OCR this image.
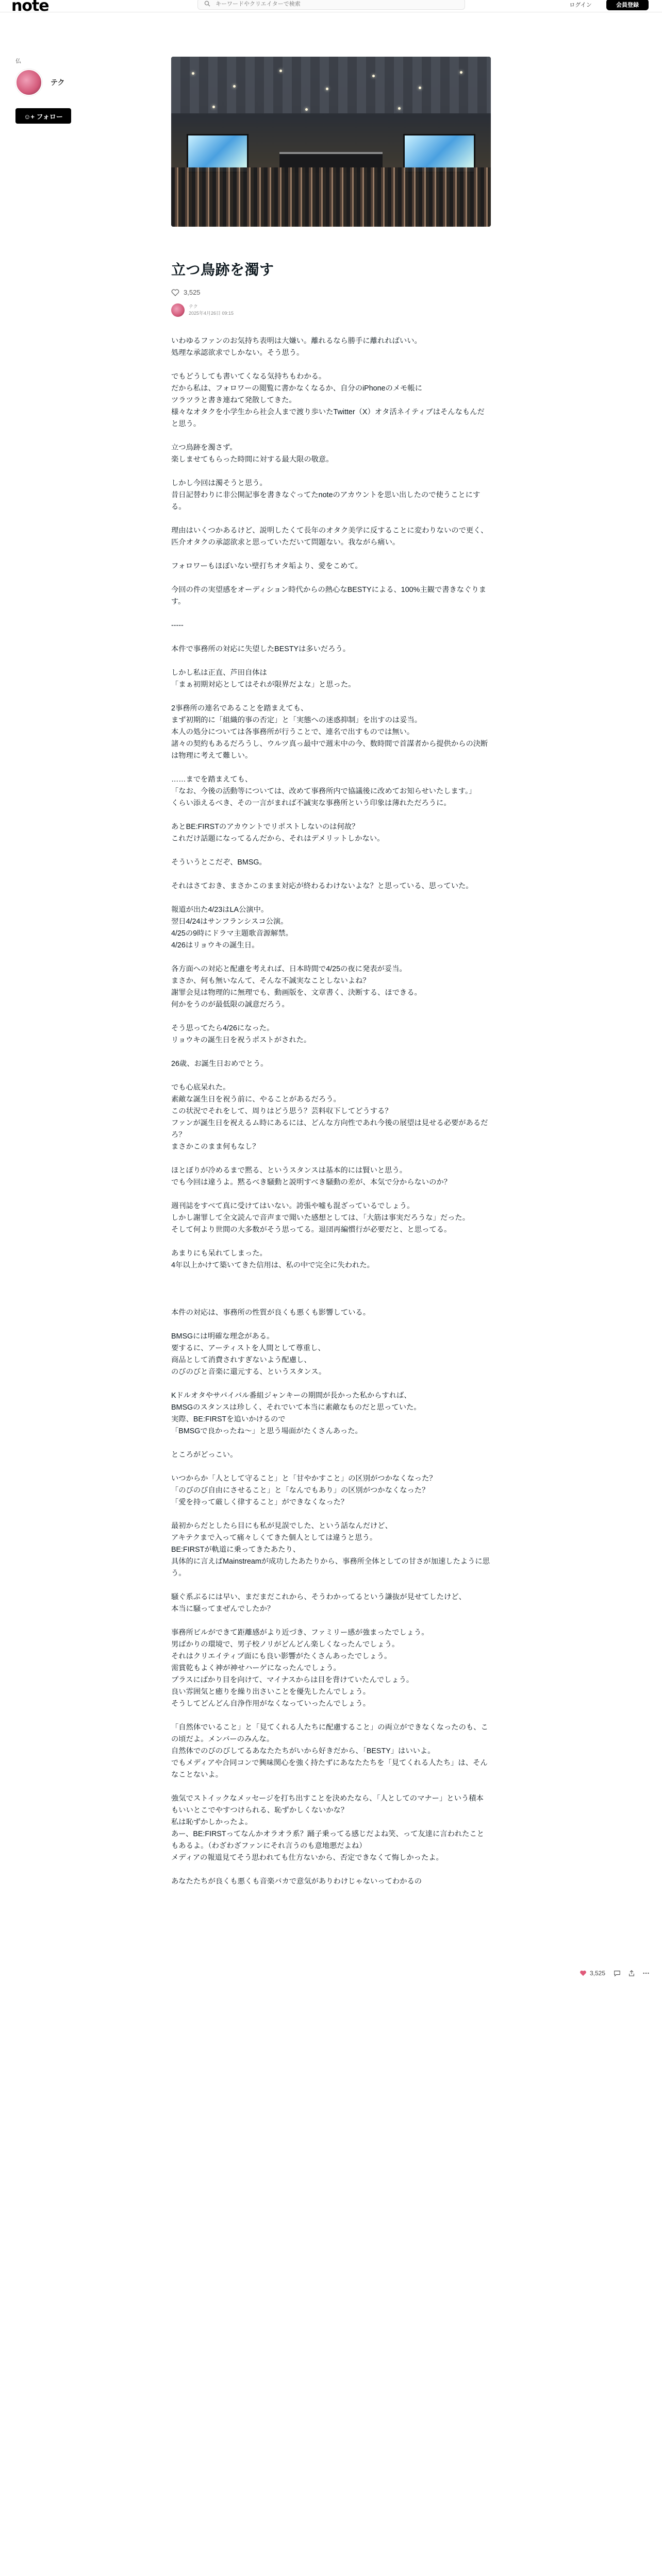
note
キーワードやクリエイターで検索	ログイン	会員登録
仏
テク
☺+ フォロー
立つ鳥跡を濁す
3,525
テク
2025年4月26日 09:15

いわゆるファンのお気持ち表明は大嫌い。離れるなら勝手に離れればいい。
処理な承認欲求でしかない。そう思う。

でもどうしても書いてくなる気持ちもわかる。
だから私は、フォロワーの閲覧に書かなくなるか、自分のiPhoneのメモ帳に
ツラツラと書き連ねて発散してきた。
様々なオタクを小学生から社会人まで渡り歩いたTwitter（X）オタ活ネイティブはそんなもんだと思う。

立つ鳥跡を濁さず。
楽しませてもらった時間に対する最大限の敬意。

しかし今回は濁そうと思う。
昔日記替わりに非公開記事を書きなぐってたnoteのアカウントを思い出したので使うことにする。

理由はいくつかあるけど、説明したくて長年のオタク美学に反することに変わりないので更く、
匹介オタクの承認欲求と思っていただいて問題ない。我ながら痛い。

フォロワーもほぼいない壁打ちオタ垢より、愛をこめて。

今回の件の実望感をオーディション時代からの熱心なBESTYによる、100%主観で書きなぐります。

-----

本件で事務所の対応に失望したBESTYは多いだろう。

しかし私は正直、芦田自体は
「まぁ初期対応としてはそれが限界だよな」と思った。

2事務所の連名であることを踏まえても、
まず初期的に「組織的事の否定」と「実態への迷惑抑制」を出すのは妥当。
本人の処分については各事務所が行うことで、連名で出すものでは無い。
諸々の契約もあるだろうし、ウルツ真っ最中で週末中の今、数時間で首謀者から提供からの決断は物理に考えて難しい。

……までを踏まえても、
「なお、今後の活動等については、改めて事務所内で協議後に改めてお知らせいたします。」
くらい添えるべき、その一言がまれば不誠実な事務所という印象は薄れただろうに。

あとBE:FIRSTのアカウントでリポストしないのは何故？
これだけ話題になってるんだから、それはデメリットしかない。

そういうとこだぞ、BMSG。

それはさておき、まさかこのまま対応が終わるわけないよな？と思っている、思っていた。

報道が出た4/23はLA公演中。
翌日4/24はサンフランシスコ公演。
4/25の9時にドラマ主題歌音源解禁。
4/26はリョウキの誕生日。

各方面への対応と配慮を考えれば、日本時間で4/25の夜に発表が妥当。
まさか、何も無いなんて、そんな不誠実なことしないよね？
謝罪会見は物理的に無理でも、動画版を、文章書く、決断する、ほできる。
何かをうのが最低限の誠意だろう。

そう思ってたら4/26になった。
リョウキの誕生日を祝うポストがされた。

26歳、お誕生日おめでとう。

でも心底呆れた。
素敵な誕生日を祝う前に、やることがあるだろう。
この状況でそれをして、周りはどう思う？芸料収下してどうする？
ファンが誕生日を祝えるム時にあるには、どんな方向性であれ今後の展望は見せる必要があるだろ？
まさかこのまま何もなし？

ほとぼりが冷めるまで黙る、というスタンスは基本的には賢いと思う。
でも今回は違うよ。黙るべき騒動と説明すべき騒動の差が、本気で分からないのか？

週刊誌をすべて真に受けてはいない。誇張や嘘も混ざっているでしょう。
しかし謝罪して全文読んで音声まで聞いた感想としては、「大筋は事実だろうな」だった。
そして何より世間の大多数がそう思ってる。退団再編慣行が必要だと、と思ってる。

あまりにも呆れてしまった。
4年以上かけて築いてきた信用は、私の中で完全に失われた。

本件の対応は、事務所の性質が良くも悪くも影響している。

BMSGには明確な理念がある。
要するに、アーティストを人間として尊重し、
商品として消費されすぎないよう配慮し、
のびのびと音楽に還元する、というスタンス。

Kドルオタやサバイバル番組ジャンキーの期間が長かった私からすれば、
BMSGのスタンスは珍しく、それでいて本当に素敵なものだと思っていた。
実際、BE:FIRSTを追いかけるので
「BMSGで良かったね～」と思う場面がたくさんあった。

ところがどっこい。

いつからか「人として守ること」と「甘やかすこと」の区別がつかなくなった？
「のびのび自由にさせること」と「なんでもあり」の区別がつかなくなった？
「愛を持って厳しく律すること」ができなくなった？

最初からだとしたら目にも私が見誤でした、という話なんだけど、
アキテクまで入って痛々しくてきた個人としては違うと思う。
BE:FIRSTが軌道に乗ってきたあたり、
具体的に言えばMainstreamが成功したあたりから、事務所全体としての甘さが加速したように思う。

騒ぐ系ぶるには早い、まだまだこれから、そうわかってるという謙抜が見せてしたけど、
本当に騒ってまぜんでしたか？

事務所ビルができて距離感がより近づき、ファミリー感が強まったでしょう。
男ばかりの環境で、男子校ノリがどんどん楽しくなったんでしょう。
それはクリエイティブ面にも良い影響がたくさんあったでしょう。
需賞乾もよく神が神せハーゲになったんでしょう。
プラスにばかり目を向けて、マイナスからは目を背けていたんでしょう。
良い雰囲気と癒りを繰り出さいことを優先したんでしょう。
そうしてどんどん自浄作用がなくなっていったんでしょう。

「自然体でいること」と「見てくれる人たちに配慮すること」の両立ができなくなったのも、この頃だよ。メンバーのみんな。
自然体でのびのびしてるあなたたちがいから好きだから、「BESTY」はいいよ。
でもメディアや合同コンで興味関心を強く持たずにあなたたちを「見てくれる人たち」は、そんなことないよ。

強気でストイックなメッセージを打ち出すことを決めたなら、「人としてのマナー」という積本もいいとこでやすつけられる、恥ずかしくないかな？
私は恥ずかしかったよ。
あー、BE:FIRSTってなんかオラオラ系？踊子乗ってる感じだよね笑、って友達に言われたこともあるよ。（わざわざファンにそれ言うのも意地悪だよね）
メディアの報道見てそう思われても仕方ないから、否定できなくて悔しかったよ。

あなたたちが良くも悪くも音楽バカで意気がありわけじゃないってわかるの

3,525
